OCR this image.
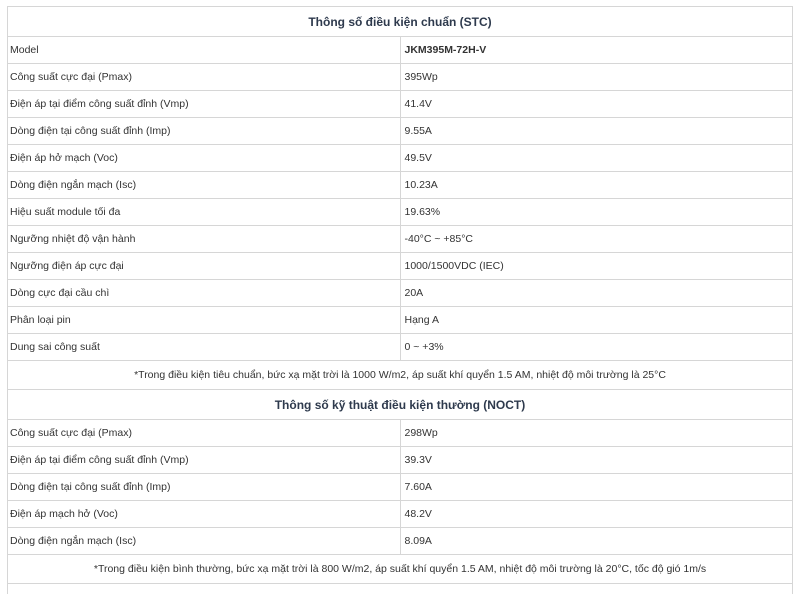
Thông số điều kiện chuẩn (STC)	
Model	JKM395M-72H-V
Công suất cực đại (Pmax)	395Wp
Điện áp tại điểm công suất đỉnh (Vmp)	41.4V
Dòng điện tại công suất đỉnh (Imp)	9.55A
Điện áp hở mạch (Voc)	49.5V
Dòng điện ngắn mạch (Isc)	10.23A
Hiệu suất module tối đa	19.63%
Ngưỡng nhiệt độ vận hành	-40°C ~ +85°C
Ngưỡng điện áp cực đại	1000/1500VDC (IEC)
Dòng cực đại cầu chì	20A
Phân loại pin	Hạng A
Dung sai công suất	0 ~ +3%
*Trong điều kiện tiêu chuẩn, bức xạ mặt trời là 1000 W/m2, áp suất khí quyển 1.5 AM, nhiệt độ môi trường là 25°C	
Thông số kỹ thuật điều kiện thường (NOCT)	
Công suất cực đại (Pmax)	298Wp
Điện áp tại điểm công suất đỉnh (Vmp)	39.3V
Dòng điện tại công suất đỉnh (Imp)	7.60A
Điện áp mạch hở (Voc)	48.2V
Dòng điện ngắn mạch (Isc)	8.09A
*Trong điều kiện bình thường, bức xạ mặt trời là 800 W/m2, áp suất khí quyển 1.5 AM, nhiệt độ môi trường là 20°C, tốc độ gió 1m/s	
